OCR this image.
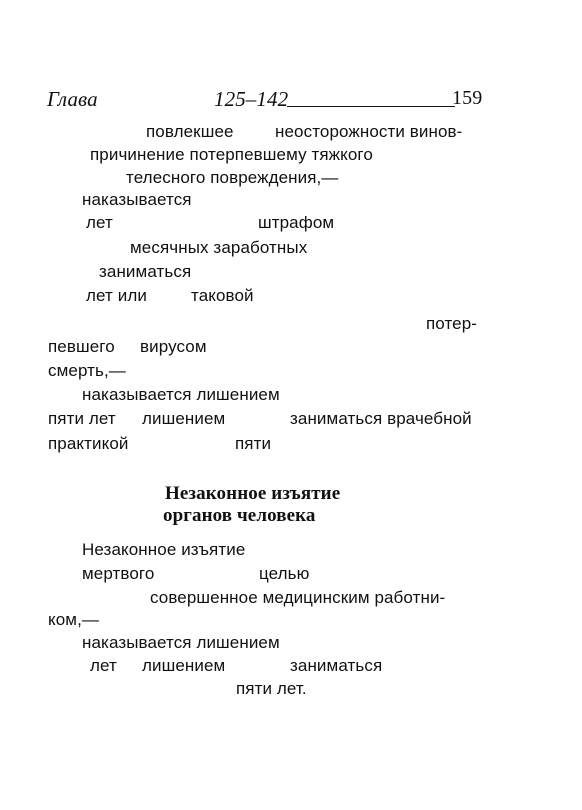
Глава	125–142	159
повлекшее неосторожности винов-
причинение потерпевшему тяжкого
телесного повреждения,—
наказывается
лет	штрафом
месячных заработных
заниматься
лет или	таковой
потер-
певшего вирусом
смерть,—
наказывается лишением
пяти лет лишением	заниматься врачебной
практикой	пяти
Незаконное изъятие
органов человека
Незаконное изъятие
мертвого	целью
совершенное медицинским работни-
ком,—
наказывается лишением
лет лишением	заниматься
пяти лет.
